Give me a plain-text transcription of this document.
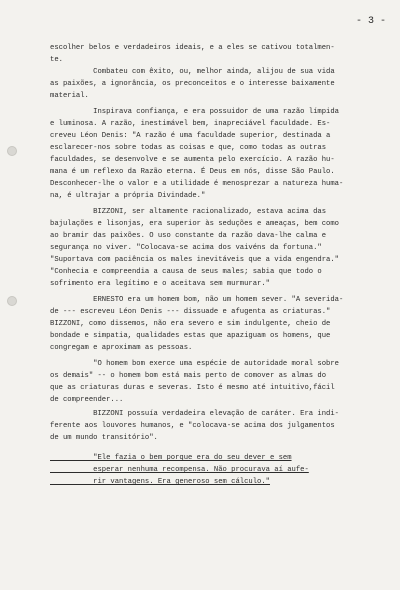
- 3 -
escolher belos e verdadeiros ideais, e a eles se cativou totalmen-
te.
Combateu com êxito, ou, melhor ainda, alijou de sua vida
as paixões, a ignorância, os preconceitos e o interesse baixamente
material.
Inspirava confiança, e era possuidor de uma razão límpida
e luminosa. A razão, inestimável bem, inapreciável faculdade. Es-
creveu Léon Denis: "A razão é uma faculdade superior, destinada a
esclarecer-nos sobre todas as coisas e que, como todas as outras
faculdades, se desenvolve e se aumenta pelo exercício. A razão hu-
mana é um reflexo da Razão eterna. É Deus em nós, disse São Paulo.
Desconhecer-lhe o valor e a utilidade é menosprezar a natureza huma-
na, é ultrajar a própria Divindade."
BIZZONI, ser altamente racionalizado, estava acima das
bajulações e lisonjas, era superior às seduções e ameaças, bem como
ao bramir das paixões. O uso constante da razão dava-lhe calma e
segurança no viver. "Colocava-se acima dos vaivéns da fortuna."
"Suportava com paciência os males inevitáveis que a vida engendra."
"Conhecia e compreendia a causa de seus males; sabia que todo o
sofrimento era legítimo e o aceitava sem murmurar."
ERNESTO era um homem bom, não um homem sever. "A severida-
de --- escreveu Léon Denis --- dissuade e afugenta as criaturas."
BIZZONI, como dissemos, não era severo e sim indulgente, cheio de
bondade e simpatia, qualidades estas que apaziguam os homens, que
congregam e aproximam as pessoas.
"O homem bom exerce uma espécie de autoridade moral sobre
os demais" -- o homem bom está mais perto de comover as almas do
que as criaturas duras e severas. Isto é mesmo até intuitivo,fácil
de compreender...
BIZZONI possuía verdadeira elevação de caráter. Era indi-
ferente aos louvores humanos, e "colocava-se acima dos julgamentos
de um mundo transitório".
"Ele fazia o bem porque era do seu dever e sem
esperar nenhuma recompensa. Não procurava aí aufe-
rir vantagens. Era generoso sem cálculo."
